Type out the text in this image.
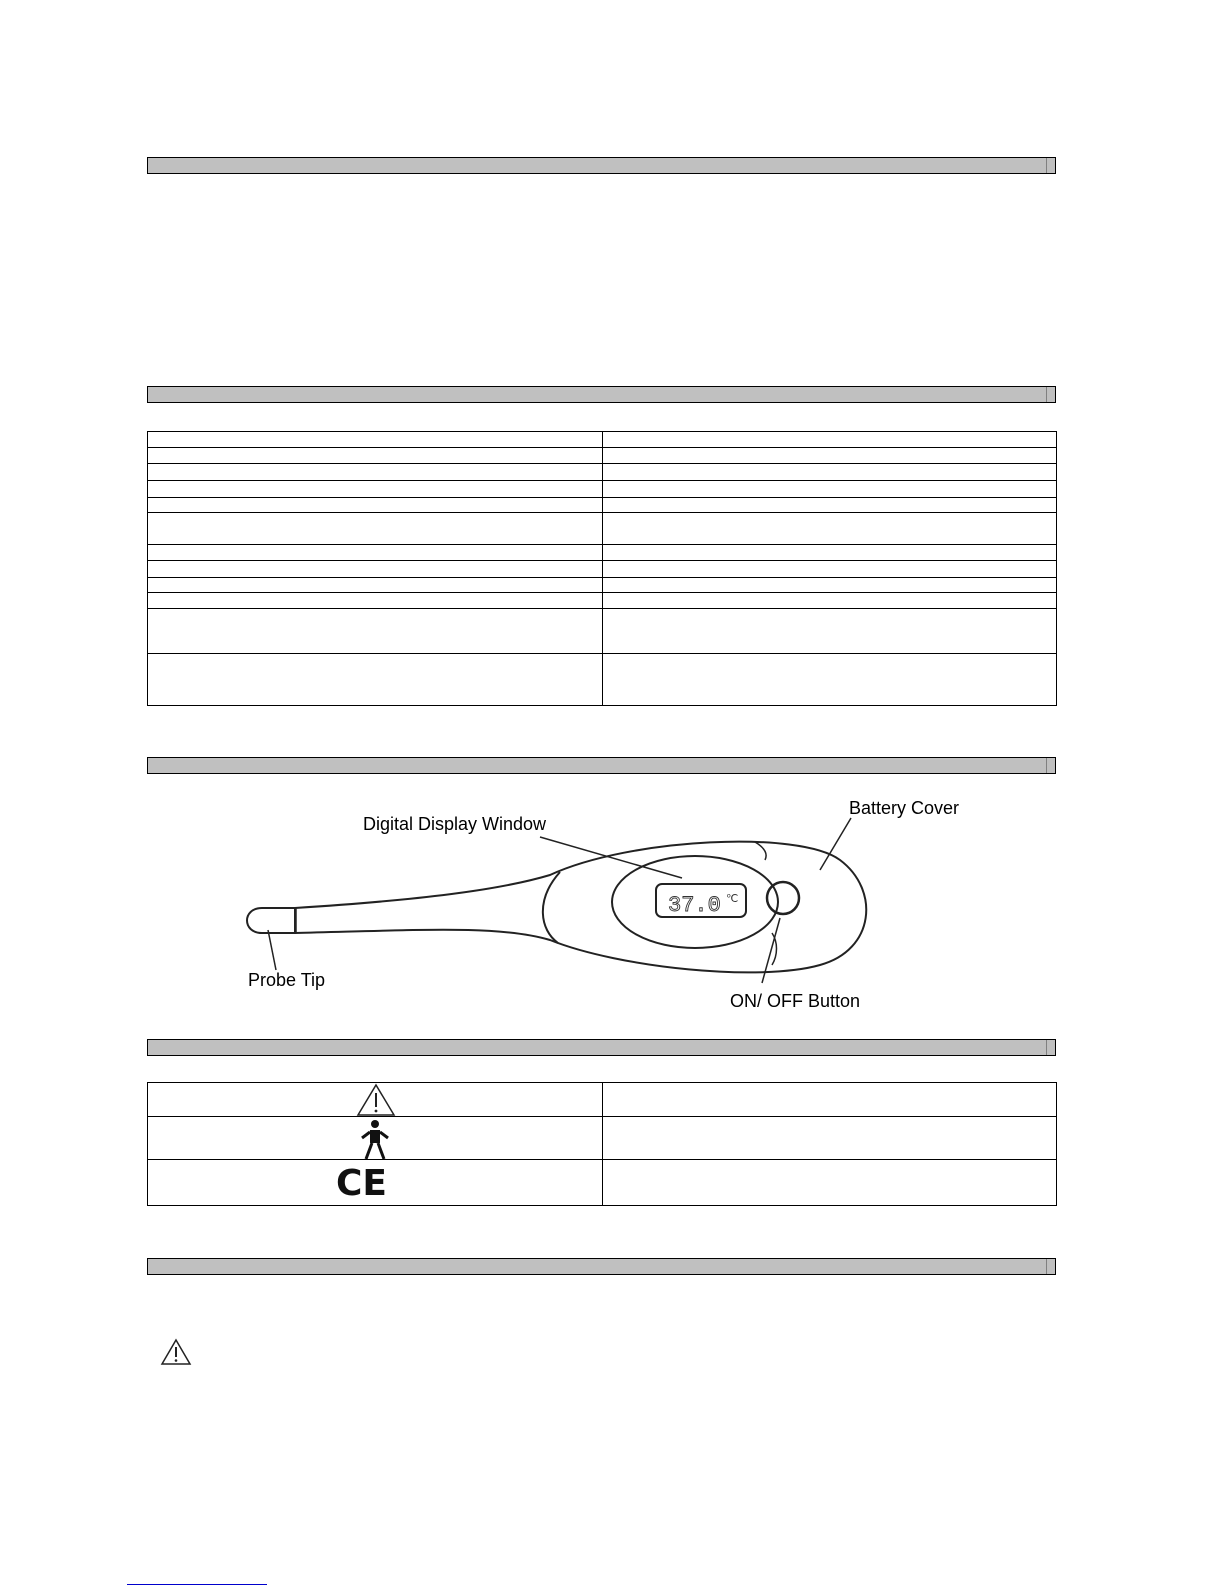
37.0 ℃
Digital Display Window
Battery Cover
Probe Tip
ON/ OFF Button

CE	
